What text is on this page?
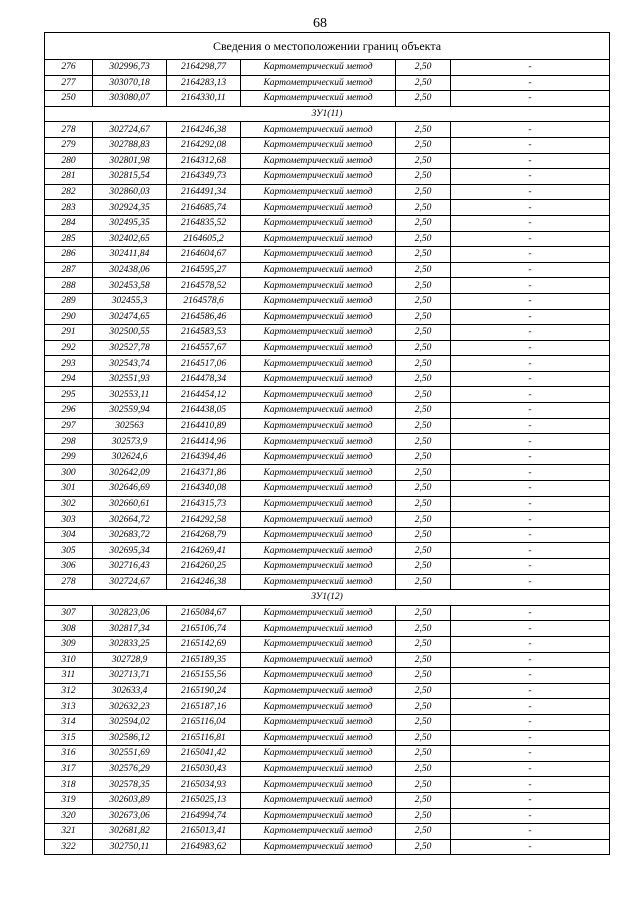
68
Сведения о местоположении границ объекта					
276	302996,73	2164298,77	Картометрический метод	2,50	-
277	303070,18	2164283,13	Картометрический метод	2,50	-
250	303080,07	2164330,11	Картометрический метод	2,50	-
ЗУ1(11)					
278	302724,67	2164246,38	Картометрический метод	2,50	-
279	302788,83	2164292,08	Картометрический метод	2,50	-
280	302801,98	2164312,68	Картометрический метод	2,50	-
281	302815,54	2164349,73	Картометрический метод	2,50	-
282	302860,03	2164491,34	Картометрический метод	2,50	-
283	302924,35	2164685,74	Картометрический метод	2,50	-
284	302495,35	2164835,52	Картометрический метод	2,50	-
285	302402,65	2164605,2	Картометрический метод	2,50	-
286	302411,84	2164604,67	Картометрический метод	2,50	-
287	302438,06	2164595,27	Картометрический метод	2,50	-
288	302453,58	2164578,52	Картометрический метод	2,50	-
289	302455,3	2164578,6	Картометрический метод	2,50	-
290	302474,65	2164586,46	Картометрический метод	2,50	-
291	302500,55	2164583,53	Картометрический метод	2,50	-
292	302527,78	2164557,67	Картометрический метод	2,50	-
293	302543,74	2164517,06	Картометрический метод	2,50	-
294	302551,93	2164478,34	Картометрический метод	2,50	-
295	302553,11	2164454,12	Картометрический метод	2,50	-
296	302559,94	2164438,05	Картометрический метод	2,50	-
297	302563	2164410,89	Картометрический метод	2,50	-
298	302573,9	2164414,96	Картометрический метод	2,50	-
299	302624,6	2164394,46	Картометрический метод	2,50	-
300	302642,09	2164371,86	Картометрический метод	2,50	-
301	302646,69	2164340,08	Картометрический метод	2,50	-
302	302660,61	2164315,73	Картометрический метод	2,50	-
303	302664,72	2164292,58	Картометрический метод	2,50	-
304	302683,72	2164268,79	Картометрический метод	2,50	-
305	302695,34	2164269,41	Картометрический метод	2,50	-
306	302716,43	2164260,25	Картометрический метод	2,50	-
278	302724,67	2164246,38	Картометрический метод	2,50	-
ЗУ1(12)					
307	302823,06	2165084,67	Картометрический метод	2,50	-
308	302817,34	2165106,74	Картометрический метод	2,50	-
309	302833,25	2165142,69	Картометрический метод	2,50	-
310	302728,9	2165189,35	Картометрический метод	2,50	-
311	302713,71	2165155,56	Картометрический метод	2,50	-
312	302633,4	2165190,24	Картометрический метод	2,50	-
313	302632,23	2165187,16	Картометрический метод	2,50	-
314	302594,02	2165116,04	Картометрический метод	2,50	-
315	302586,12	2165116,81	Картометрический метод	2,50	-
316	302551,69	2165041,42	Картометрический метод	2,50	-
317	302576,29	2165030,43	Картометрический метод	2,50	-
318	302578,35	2165034,93	Картометрический метод	2,50	-
319	302603,89	2165025,13	Картометрический метод	2,50	-
320	302673,06	2164994,74	Картометрический метод	2,50	-
321	302681,82	2165013,41	Картометрический метод	2,50	-
322	302750,11	2164983,62	Картометрический метод	2,50	-
